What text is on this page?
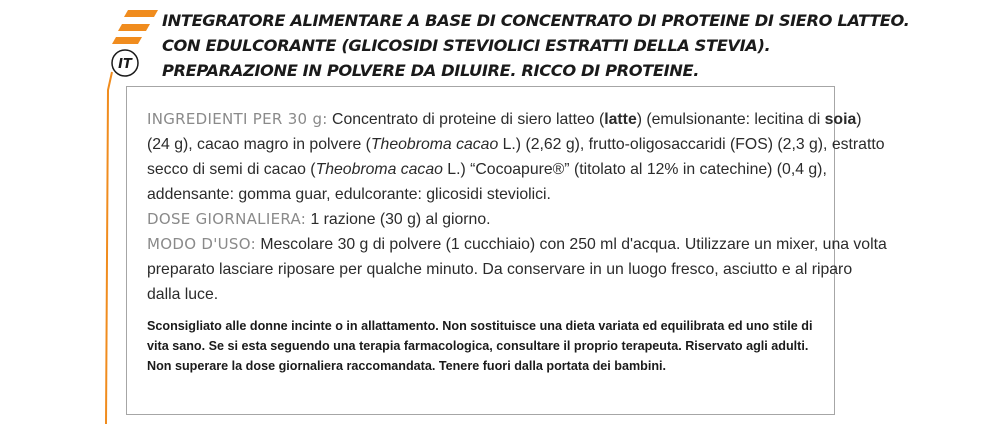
IT
INTEGRATORE ALIMENTARE A BASE DI CONCENTRATO DI PROTEINE DI SIERO LATTEO.
CON EDULCORANTE (GLICOSIDI STEVIOLICI ESTRATTI DELLA STEVIA).
PREPARAZIONE IN POLVERE DA DILUIRE. RICCO DI PROTEINE.

INGREDIENTI PER 30 g: Concentrato di proteine di siero latteo (latte) (emulsionante: lecitina di soia) (24 g), cacao magro in polvere (Theobroma cacao L.) (2,62 g), frutto-oligosaccaridi (FOS) (2,3 g), estratto secco di semi di cacao (Theobroma cacao L.) “Cocoapure®” (titolato al 12% in catechine) (0,4 g), addensante: gomma guar, edulcorante: glicosidi steviolici.

DOSE GIORNALIERA: 1 razione (30 g) al giorno.

MODO D'USO: Mescolare 30 g di polvere (1 cucchiaio) con 250 ml d'acqua. Utilizzare un mixer, una volta preparato lasciare riposare per qualche minuto. Da conservare in un luogo fresco, asciutto e al riparo dalla luce.

Sconsigliato alle donne incinte o in allattamento. Non sostituisce una dieta variata ed equilibrata ed uno stile di vita sano. Se si esta seguendo una terapia farmacologica, consultare il proprio terapeuta. Riservato agli adulti. Non superare la dose giornaliera raccomandata. Tenere fuori dalla portata dei bambini.
